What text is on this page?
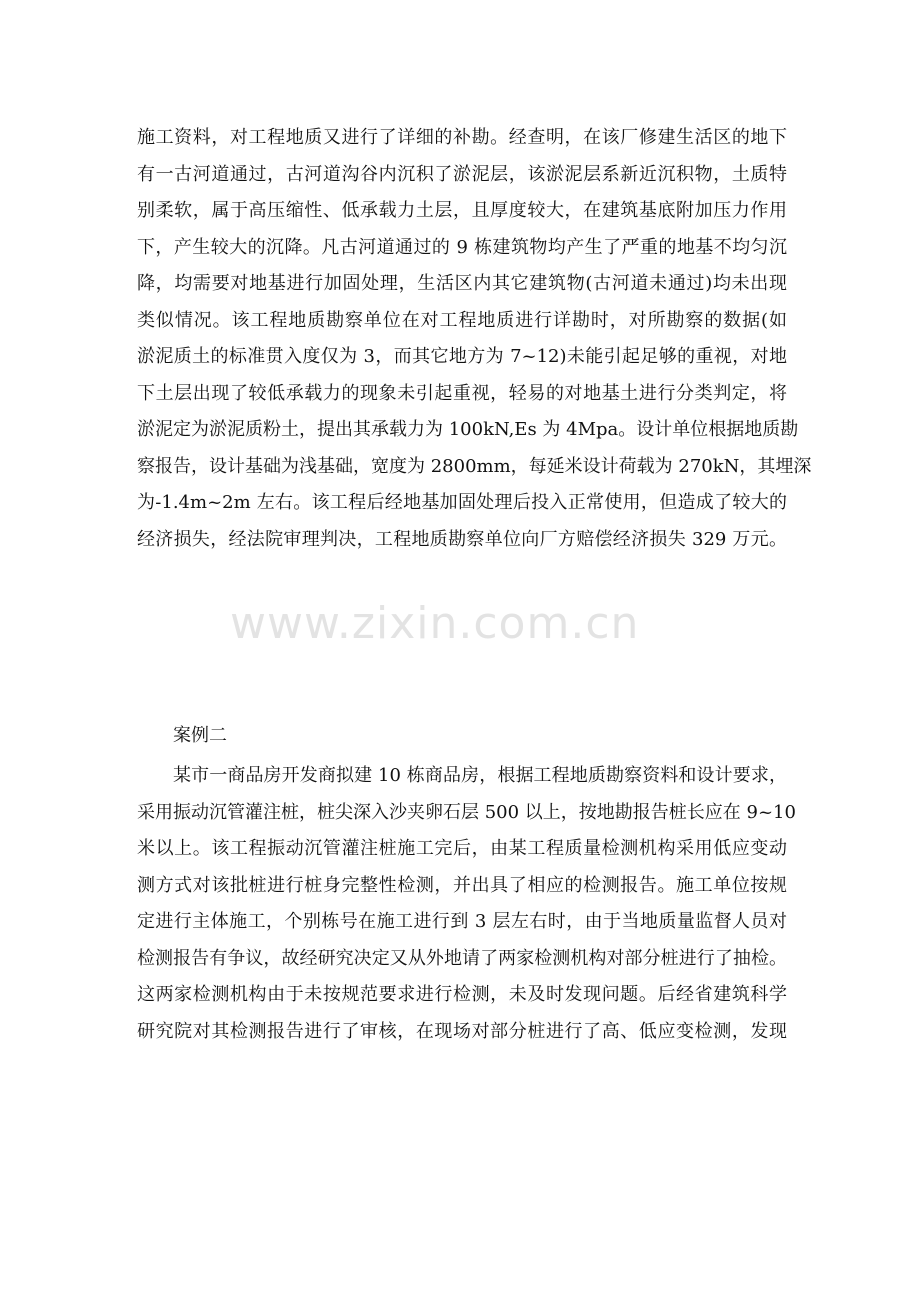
www.zixin.com.cn
施工资料，对工程地质又进行了详细的补勘。经查明，在该厂修建生活区的地下
有一古河道通过，古河道沟谷内沉积了淤泥层，该淤泥层系新近沉积物，土质特
别柔软，属于高压缩性、低承载力土层，且厚度较大，在建筑基底附加压力作用
下，产生较大的沉降。凡古河道通过的 9 栋建筑物均产生了严重的地基不均匀沉
降，均需要对地基进行加固处理，生活区内其它建筑物(古河道未通过)均未出现
类似情况。该工程地质勘察单位在对工程地质进行详勘时，对所勘察的数据(如
淤泥质土的标准贯入度仅为 3，而其它地方为 7~12)未能引起足够的重视，对地
下土层出现了较低承载力的现象未引起重视，轻易的对地基土进行分类判定，将
淤泥定为淤泥质粉土，提出其承载力为 100kN,Es 为 4Mpa。设计单位根据地质勘
察报告，设计基础为浅基础，宽度为 2800mm，每延米设计荷载为 270kN，其埋深
为-1.4m~2m 左右。该工程后经地基加固处理后投入正常使用，但造成了较大的
经济损失，经法院审理判决，工程地质勘察单位向厂方赔偿经济损失 329 万元。

案例二

某市一商品房开发商拟建 10 栋商品房，根据工程地质勘察资料和设计要求，
采用振动沉管灌注桩，桩尖深入沙夹卵石层 500 以上，按地勘报告桩长应在 9~10
米以上。该工程振动沉管灌注桩施工完后，由某工程质量检测机构采用低应变动
测方式对该批桩进行桩身完整性检测，并出具了相应的检测报告。施工单位按规
定进行主体施工，个别栋号在施工进行到 3 层左右时，由于当地质量监督人员对
检测报告有争议，故经研究决定又从外地请了两家检测机构对部分桩进行了抽检。
这两家检测机构由于未按规范要求进行检测，未及时发现问题。后经省建筑科学
研究院对其检测报告进行了审核，在现场对部分桩进行了高、低应变检测，发现
